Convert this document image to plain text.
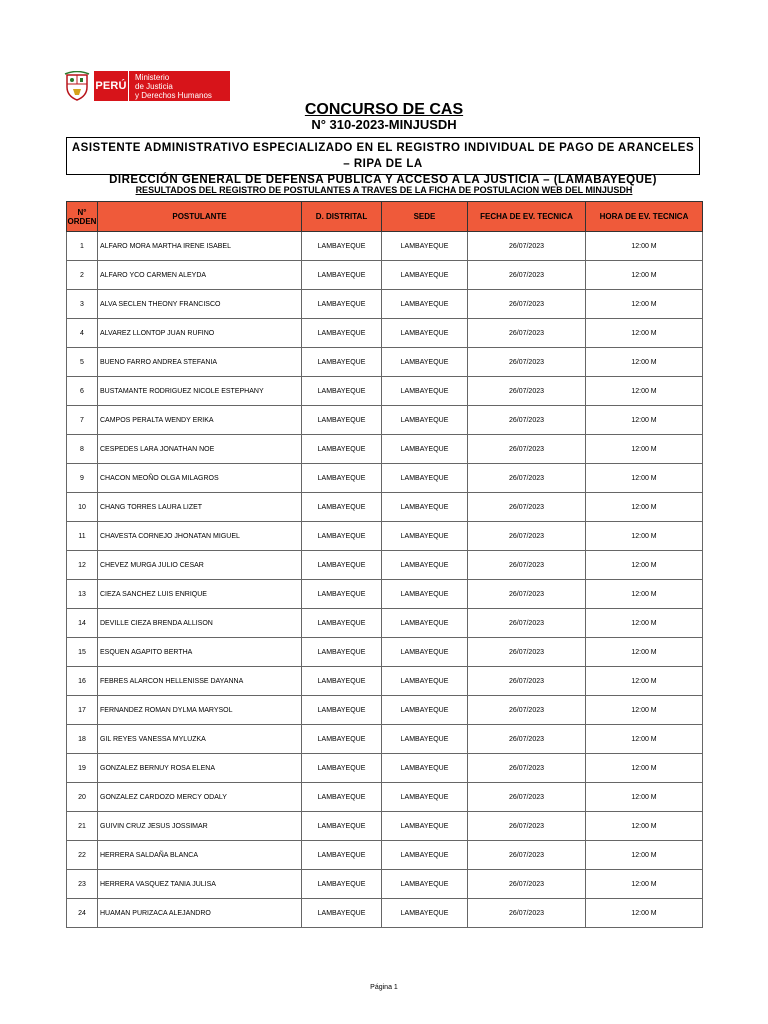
PERÚ
Ministerio
de Justicia
y Derechos Humanos
CONCURSO DE CAS
N° 310-2023-MINJUSDH
ASISTENTE ADMINISTRATIVO ESPECIALIZADO EN EL REGISTRO INDIVIDUAL DE PAGO DE ARANCELES – RIPA DE LA
DIRECCIÓN GENERAL DE DEFENSA PUBLICA Y ACCESO A LA JUSTICIA – (LAMABAYEQUE)
RESULTADOS DEL REGISTRO DE POSTULANTES A TRAVES DE LA FICHA DE POSTULACION WEB DEL MINJUSDH
N°
ORDEN	POSTULANTE	D. DISTRITAL	SEDE	FECHA DE EV. TECNICA	HORA DE EV. TECNICA
1	ALFARO MORA MARTHA IRENE ISABEL	LAMBAYEQUE	LAMBAYEQUE	26/07/2023	12:00 M
2	ALFARO YCO CARMEN ALEYDA	LAMBAYEQUE	LAMBAYEQUE	26/07/2023	12:00 M
3	ALVA SECLEN THEONY FRANCISCO	LAMBAYEQUE	LAMBAYEQUE	26/07/2023	12:00 M
4	ALVAREZ LLONTOP JUAN RUFINO	LAMBAYEQUE	LAMBAYEQUE	26/07/2023	12:00 M
5	BUENO FARRO ANDREA STEFANIA	LAMBAYEQUE	LAMBAYEQUE	26/07/2023	12:00 M
6	BUSTAMANTE RODRIGUEZ NICOLE ESTEPHANY	LAMBAYEQUE	LAMBAYEQUE	26/07/2023	12:00 M
7	CAMPOS PERALTA WENDY ERIKA	LAMBAYEQUE	LAMBAYEQUE	26/07/2023	12:00 M
8	CESPEDES LARA JONATHAN NOE	LAMBAYEQUE	LAMBAYEQUE	26/07/2023	12:00 M
9	CHACON MEOÑO OLGA MILAGROS	LAMBAYEQUE	LAMBAYEQUE	26/07/2023	12:00 M
10	CHANG TORRES LAURA LIZET	LAMBAYEQUE	LAMBAYEQUE	26/07/2023	12:00 M
11	CHAVESTA CORNEJO JHONATAN MIGUEL	LAMBAYEQUE	LAMBAYEQUE	26/07/2023	12:00 M
12	CHEVEZ MURGA JULIO CESAR	LAMBAYEQUE	LAMBAYEQUE	26/07/2023	12:00 M
13	CIEZA SANCHEZ LUIS ENRIQUE	LAMBAYEQUE	LAMBAYEQUE	26/07/2023	12:00 M
14	DEVILLE CIEZA BRENDA ALLISON	LAMBAYEQUE	LAMBAYEQUE	26/07/2023	12:00 M
15	ESQUEN AGAPITO BERTHA	LAMBAYEQUE	LAMBAYEQUE	26/07/2023	12:00 M
16	FEBRES ALARCON HELLENISSE DAYANNA	LAMBAYEQUE	LAMBAYEQUE	26/07/2023	12:00 M
17	FERNANDEZ ROMAN DYLMA MARYSOL	LAMBAYEQUE	LAMBAYEQUE	26/07/2023	12:00 M
18	GIL REYES VANESSA MYLUZKA	LAMBAYEQUE	LAMBAYEQUE	26/07/2023	12:00 M
19	GONZALEZ BERNUY ROSA ELENA	LAMBAYEQUE	LAMBAYEQUE	26/07/2023	12:00 M
20	GONZALEZ CARDOZO MERCY ODALY	LAMBAYEQUE	LAMBAYEQUE	26/07/2023	12:00 M
21	GUIVIN CRUZ JESUS JOSSIMAR	LAMBAYEQUE	LAMBAYEQUE	26/07/2023	12:00 M
22	HERRERA SALDAÑA BLANCA	LAMBAYEQUE	LAMBAYEQUE	26/07/2023	12:00 M
23	HERRERA VASQUEZ TANIA JULISA	LAMBAYEQUE	LAMBAYEQUE	26/07/2023	12:00 M
24	HUAMAN PURIZACA ALEJANDRO	LAMBAYEQUE	LAMBAYEQUE	26/07/2023	12:00 M
Página 1
